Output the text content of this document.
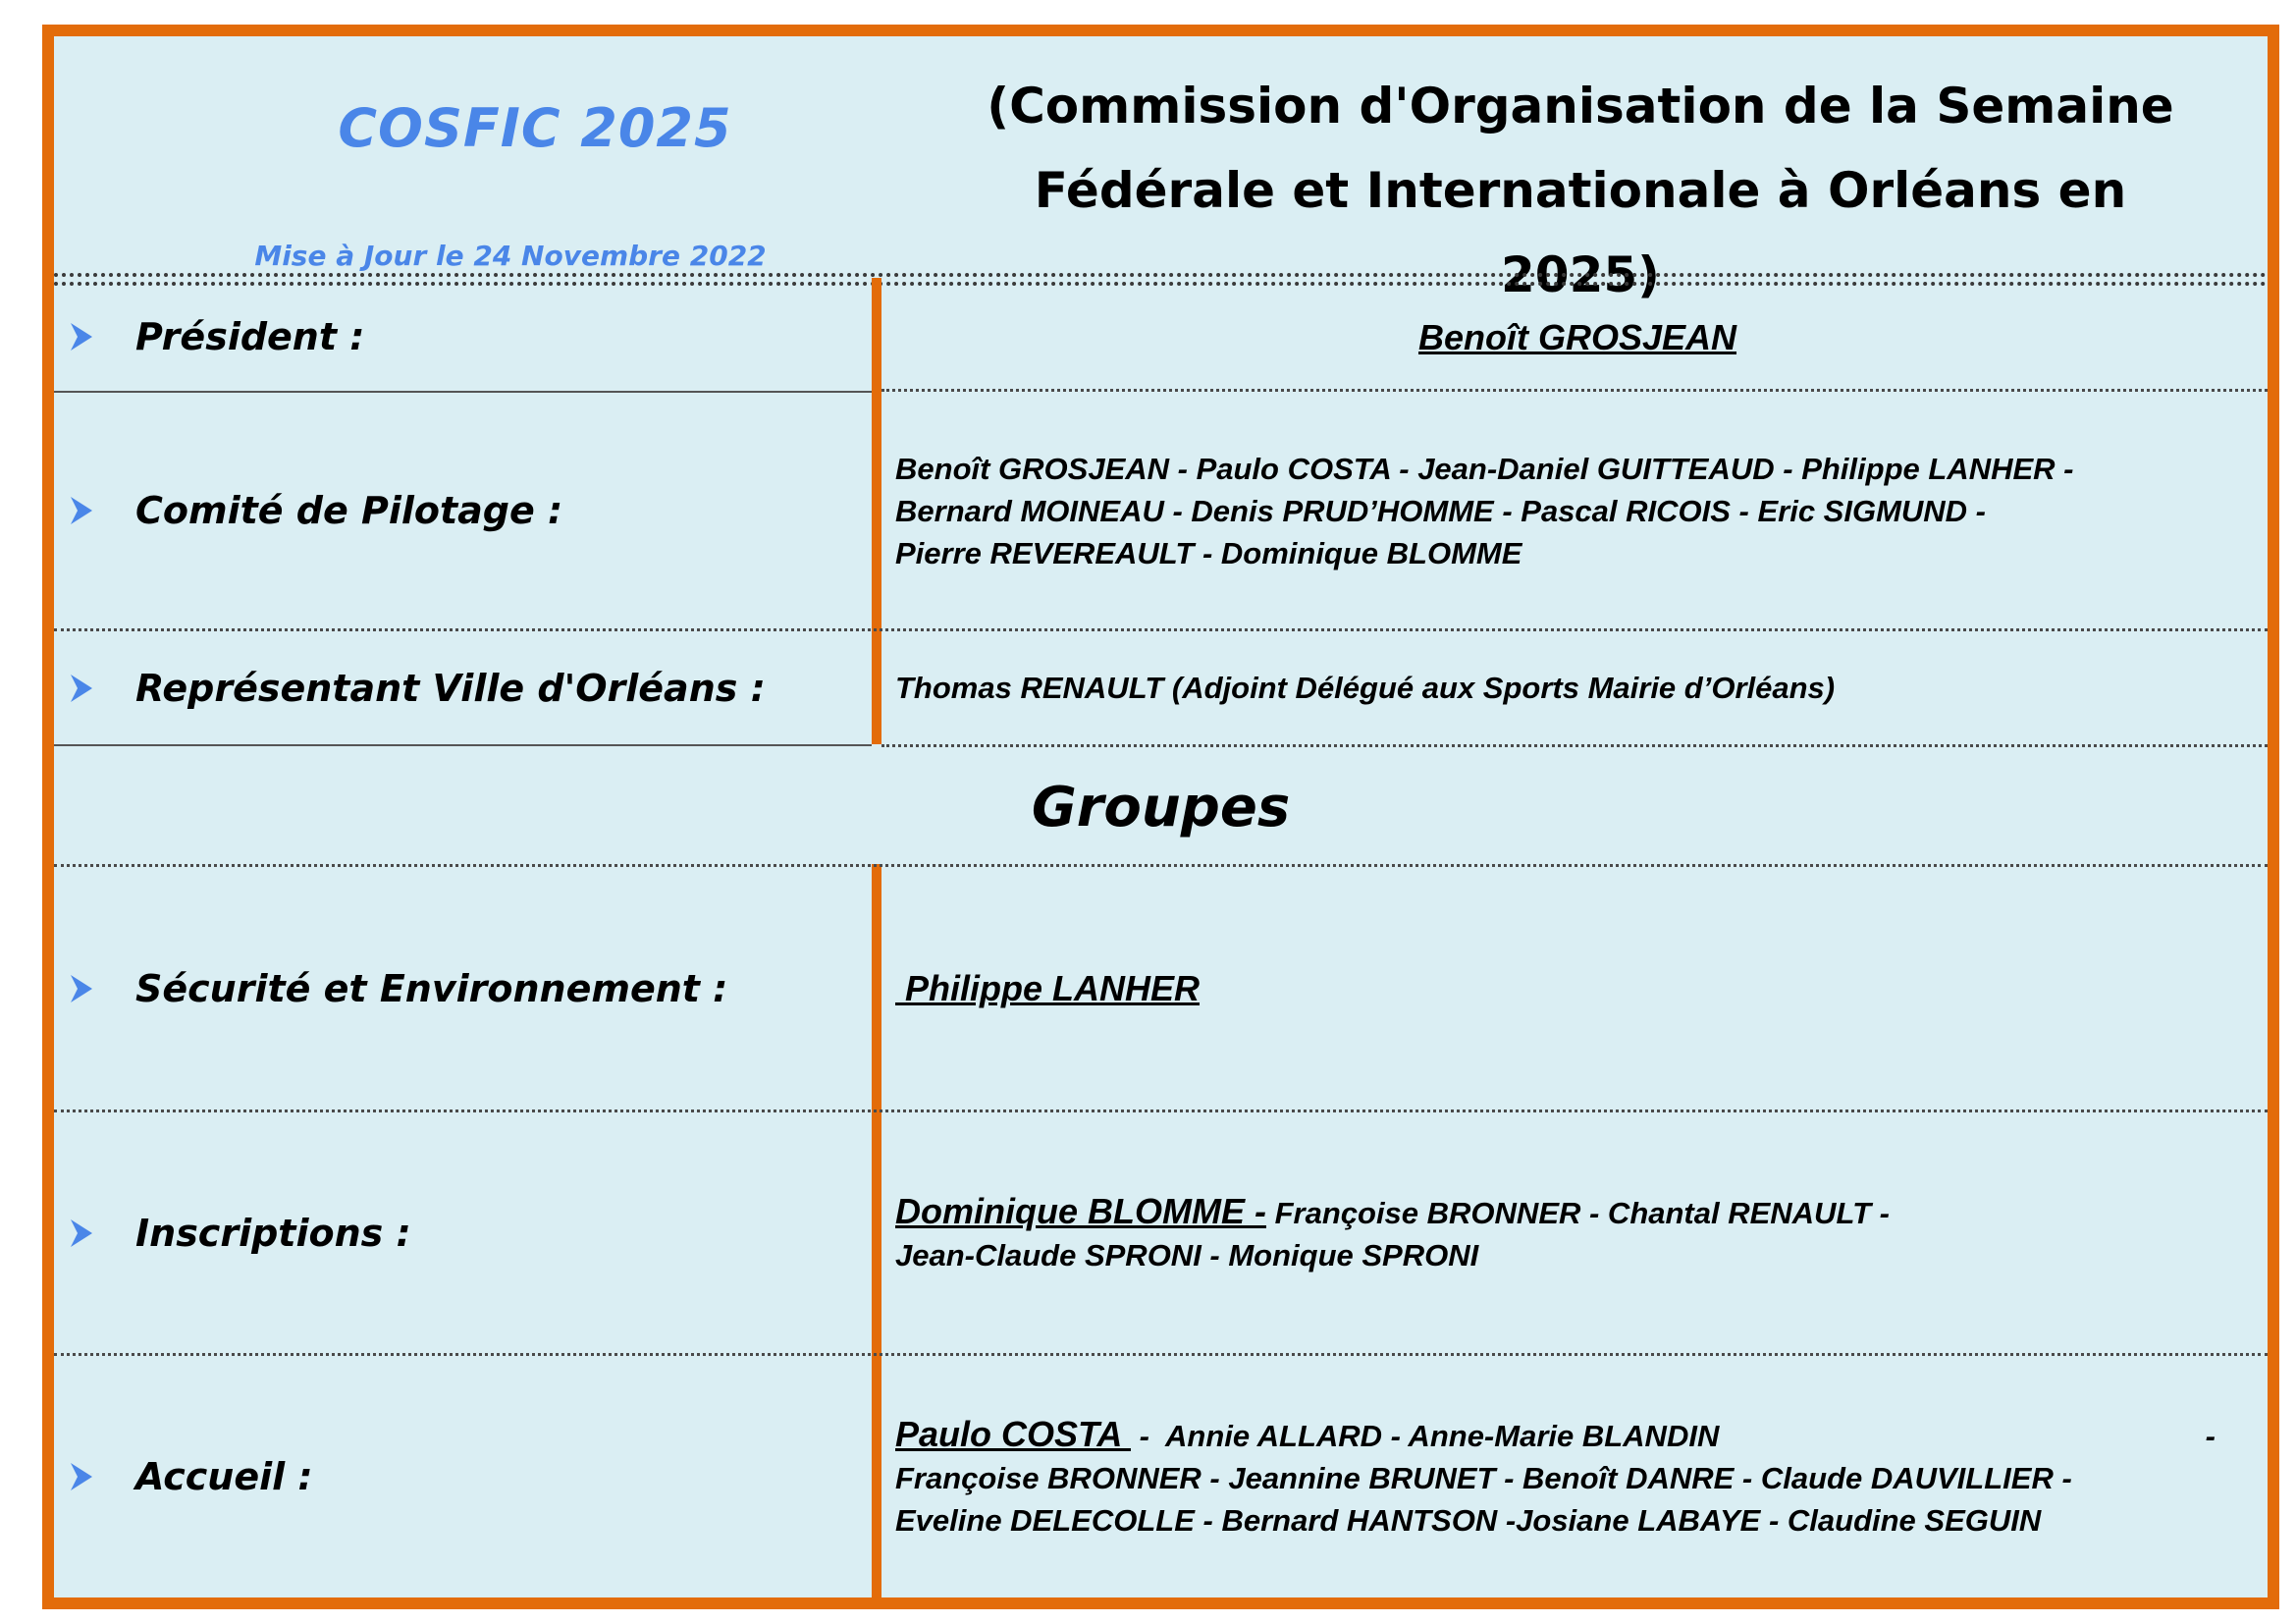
COSFIC 2025
Mise à Jour le 24 Novembre 2022
(Commission d'Organisation de la Semaine
Fédérale et Internationale à Orléans en
2025)
Président :	Benoît GROSJEAN
Comité de Pilotage :
Benoît GROSJEAN - Paulo COSTA - Jean-Daniel GUITTEAUD - Philippe LANHER -
Bernard MOINEAU - Denis PRUD’HOMME - Pascal RICOIS - Eric SIGMUND -
Pierre REVEREAULT - Dominique BLOMME
Représentant Ville d'Orléans :	Thomas RENAULT (Adjoint Délégué aux Sports Mairie d’Orléans)
Groupes
Sécurité et Environnement :	Philippe LANHER
Inscriptions :
Dominique BLOMME - Françoise BRONNER - Chantal RENAULT -
Jean-Claude SPRONI - Monique SPRONI
Accueil :
Paulo COSTA  -  Annie ALLARD - Anne-Marie BLANDIN	-
Françoise BRONNER - Jeannine BRUNET - Benoît DANRE - Claude DAUVILLIER -
Eveline DELECOLLE - Bernard HANTSON -Josiane LABAYE - Claudine SEGUIN
